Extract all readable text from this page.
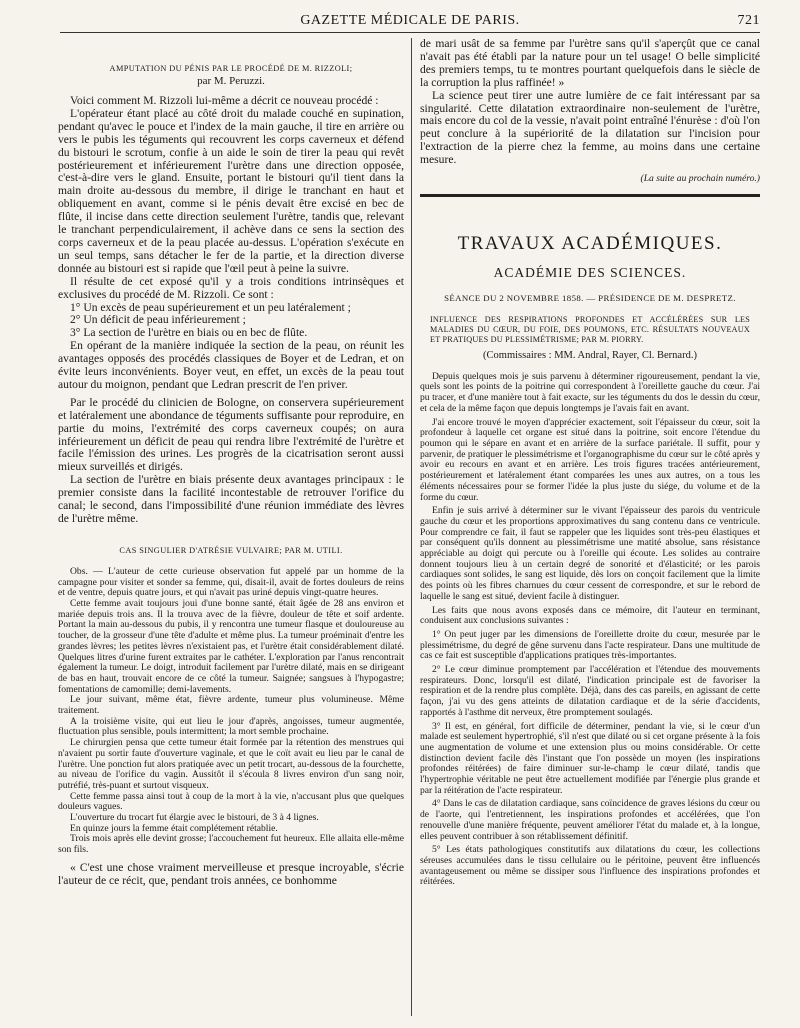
GAZETTE MÉDICALE DE PARIS.	721

AMPUTATION DU PÉNIS PAR LE PROCÉDÉ DE M. RIZZOLI;

par M. Peruzzi.

Voici comment M. Rizzoli lui-même a décrit ce nouveau procédé :

L'opérateur étant placé au côté droit du malade couché en supination, pendant qu'avec le pouce et l'index de la main gauche, il tire en arrière ou vers le pubis les téguments qui recouvrent les corps caverneux et défend du bistouri le scrotum, confie à un aide le soin de tirer la peau qui revêt postérieurement et inférieurement l'urètre dans une direction opposée, c'est-à-dire vers le gland. Ensuite, portant le bistouri qu'il tient dans la main droite au-dessous du membre, il dirige le tranchant en haut et obliquement en avant, comme si le pénis devait être excisé en bec de flûte, il incise dans cette direction seulement l'urètre, tandis que, relevant le tranchant perpendiculairement, il achève dans ce sens la section des corps caverneux et de la peau placée au-dessus. L'opération s'exécute en un seul temps, sans détacher le fer de la partie, et la direction diverse donnée au bistouri est si rapide que l'œil peut à peine la suivre.

Il résulte de cet exposé qu'il y a trois conditions intrinsèques et exclusives du procédé de M. Rizzoli. Ce sont :

1° Un excès de peau supérieurement et un peu latéralement ;

2° Un déficit de peau inférieurement ;

3° La section de l'urètre en biais ou en bec de flûte.

En opérant de la manière indiquée la section de la peau, on réunit les avantages opposés des procédés classiques de Boyer et de Ledran, et on évite leurs inconvénients. Boyer veut, en effet, un excès de la peau tout autour du moignon, pendant que Ledran prescrit de l'en priver.

Par le procédé du clinicien de Bologne, on conservera supérieurement et latéralement une abondance de téguments suffisante pour reproduire, en partie du moins, l'extrémité des corps caverneux coupés; on aura inférieurement un déficit de peau qui rendra libre l'extrémité de l'urètre et facile l'émission des urines. Les progrès de la cicatrisation seront aussi mieux surveillés et dirigés.

La section de l'urètre en biais présente deux avantages principaux : le premier consiste dans la facilité incontestable de retrouver l'orifice du canal; le second, dans l'impossibilité d'une réunion immédiate des lèvres de l'urètre même.

CAS SINGULIER D'ATRÉSIE VULVAIRE; PAR M. UTILI.

Obs. — L'auteur de cette curieuse observation fut appelé par un homme de la campagne pour visiter et sonder sa femme, qui, disait-il, avait de fortes douleurs de reins et de ventre, depuis quatre jours, et qui n'avait pas uriné depuis vingt-quatre heures.

Cette femme avait toujours joui d'une bonne santé, était âgée de 28 ans environ et mariée depuis trois ans. Il la trouva avec de la fièvre, douleur de tête et soif ardente. Portant la main au-dessous du pubis, il y rencontra une tumeur flasque et douloureuse au toucher, de la grosseur d'une tête d'adulte et même plus. La tumeur proéminait d'entre les grandes lèvres; les petites lèvres n'existaient pas, et l'urètre était considérablement dilaté. Quelques litres d'urine furent extraites par le cathéter. L'exploration par l'anus rencontrait également la tumeur. Le doigt, introduit facilement par l'urètre dilaté, mais en se dirigeant de bas en haut, trouvait encore de ce côté la tumeur. Saignée; sangsues à l'hypogastre; fomentations de camomille; demi-lavements.

Le jour suivant, même état, fièvre ardente, tumeur plus volumineuse. Même traitement.

A la troisième visite, qui eut lieu le jour d'après, angoisses, tumeur augmentée, fluctuation plus sensible, pouls intermittent; la mort semble prochaine.

Le chirurgien pensa que cette tumeur était formée par la rétention des menstrues qui n'avaient pu sortir faute d'ouverture vaginale, et que le coït avait eu lieu par le canal de l'urètre. Une ponction fut alors pratiquée avec un petit trocart, au-dessous de la fourchette, au niveau de l'orifice du vagin. Aussitôt il s'écoula 8 livres environ d'un sang noir, putréfié, très-puant et surtout visqueux.

Cette femme passa ainsi tout à coup de la mort à la vie, n'accusant plus que quelques douleurs vagues.

L'ouverture du trocart fut élargie avec le bistouri, de 3 à 4 lignes.

En quinze jours la femme était complétement rétablie.

Trois mois après elle devint grosse; l'accouchement fut heureux. Elle allaita elle-même son fils.

« C'est une chose vraiment merveilleuse et presque incroyable, s'écrie l'auteur de ce récit, que, pendant trois années, ce bonhomme

de mari usât de sa femme par l'urètre sans qu'il s'aperçût que ce canal n'avait pas été établi par la nature pour un tel usage! O belle simplicité des premiers temps, tu te montres pourtant quelquefois dans le siècle de la corruption la plus raffinée! »

La science peut tirer une autre lumière de ce fait intéressant par sa singularité. Cette dilatation extraordinaire non-seulement de l'urètre, mais encore du col de la vessie, n'avait point entraîné l'énurèse : d'où l'on peut conclure à la supériorité de la dilatation sur l'incision pour l'extraction de la pierre chez la femme, au moins dans une certaine mesure.

(La suite au prochain numéro.)

TRAVAUX ACADÉMIQUES.

ACADÉMIE DES SCIENCES.

SÉANCE DU 2 NOVEMBRE 1858. — PRÉSIDENCE DE M. DESPRETZ.

INFLUENCE DES RESPIRATIONS PROFONDES ET ACCÉLÉRÉES SUR LES MALADIES DU CŒUR, DU FOIE, DES POUMONS, ETC. RÉSULTATS NOUVEAUX ET PRATIQUES DU PLESSIMÉTRISME; PAR M. PIORRY.

(Commissaires : MM. Andral, Rayer, Cl. Bernard.)

Depuis quelques mois je suis parvenu à déterminer rigoureusement, pendant la vie, quels sont les points de la poitrine qui correspondent à l'oreillette gauche du cœur. J'ai pu tracer, et d'une manière tout à fait exacte, sur les téguments du dos le dessin du cœur, et cela de la même façon que depuis longtemps je l'avais fait en avant.

J'ai encore trouvé le moyen d'apprécier exactement, soit l'épaisseur du cœur, soit la profondeur à laquelle cet organe est situé dans la poitrine, soit encore l'étendue du poumon qui le sépare en avant et en arrière de la surface pariétale. Il suffit, pour y parvenir, de pratiquer le plessimétrisme et l'organographisme du cœur sur le côté après y avoir eu recours en avant et en arrière. Les trois figures tracées antérieurement, postérieurement et latéralement étant comparées les unes aux autres, on a tous les éléments nécessaires pour se former l'idée la plus juste du siége, du volume et de la forme du cœur.

Enfin je suis arrivé à déterminer sur le vivant l'épaisseur des parois du ventricule gauche du cœur et les proportions approximatives du sang contenu dans ce ventricule. Pour comprendre ce fait, il faut se rappeler que les liquides sont très-peu élastiques et par conséquent qu'ils donnent au plessimétrisme une matité absolue, sans résistance appréciable au doigt qui percute ou à l'oreille qui écoute. Les solides au contraire donnent toujours lieu à un certain degré de sonorité et d'élasticité; or les parois cardiaques sont solides, le sang est liquide, dès lors on conçoit facilement que la limite des points où les fibres charnues du cœur cessent de correspondre, et sur le rebord de laquelle le sang est situé, devient facile à distinguer.

Les faits que nous avons exposés dans ce mémoire, dit l'auteur en terminant, conduisent aux conclusions suivantes :

1° On peut juger par les dimensions de l'oreillette droite du cœur, mesurée par le plessimétrisme, du degré de gêne survenu dans l'acte respirateur. Dans une multitude de cas ce fait est susceptible d'applications pratiques très-importantes.

2° Le cœur diminue promptement par l'accélération et l'étendue des mouvements respirateurs. Donc, lorsqu'il est dilaté, l'indication principale est de favoriser la respiration et de la rendre plus complète. Déjà, dans des cas pareils, en agissant de cette façon, j'ai vu des gens atteints de dilatation cardiaque et de la série d'accidents, rapportés à l'asthme dit nerveux, être promptement soulagés.

3° Il est, en général, fort difficile de déterminer, pendant la vie, si le cœur d'un malade est seulement hypertrophié, s'il n'est que dilaté ou si cet organe présente à la fois une augmentation de volume et une extension plus ou moins considérable. Or cette distinction devient facile dès l'instant que l'on possède un moyen (les inspirations profondes réitérées) de faire diminuer sur-le-champ le cœur dilaté, tandis que l'hypertrophie véritable ne peut être actuellement modifiée par l'énergie plus grande et par la réitération de l'acte respirateur.

4° Dans le cas de dilatation cardiaque, sans coïncidence de graves lésions du cœur ou de l'aorte, qui l'entretiennent, les inspirations profondes et accélérées, que l'on renouvelle d'une manière fréquente, peuvent améliorer l'état du malade et, à la longue, elles peuvent contribuer à son rétablissement définitif.

5° Les états pathologiques constitutifs aux dilatations du cœur, les collections séreuses accumulées dans le tissu cellulaire ou le péritoine, peuvent être influencés avantageusement ou même se dissiper sous l'influence des inspirations profondes et réitérées.
